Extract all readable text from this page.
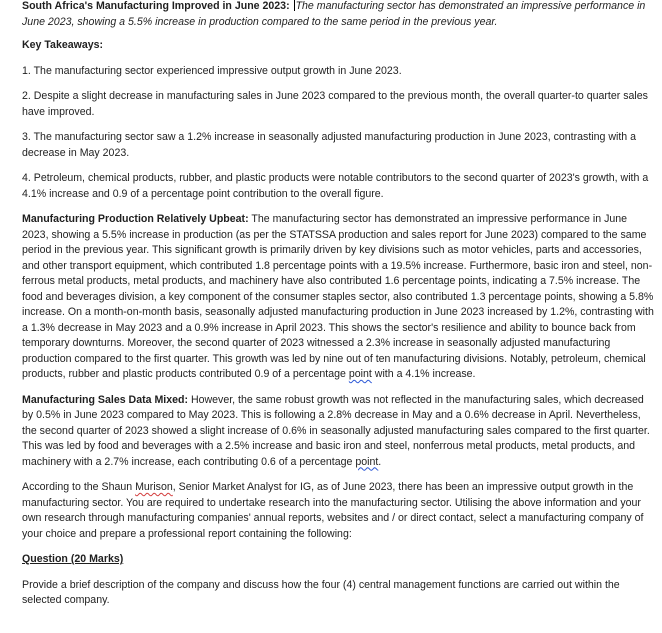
South Africa's Manufacturing Improved in June 2023: The manufacturing sector has demonstrated an impressive performance in June 2023, showing a 5.5% increase in production compared to the same period in the previous year.

Key Takeaways:

1. The manufacturing sector experienced impressive output growth in June 2023.

2. Despite a slight decrease in manufacturing sales in June 2023 compared to the previous month, the overall quarter-to quarter sales have improved.

3. The manufacturing sector saw a 1.2% increase in seasonally adjusted manufacturing production in June 2023, contrasting with a decrease in May 2023.

4. Petroleum, chemical products, rubber, and plastic products were notable contributors to the second quarter of 2023's growth, with a 4.1% increase and 0.9 of a percentage point contribution to the overall figure.

Manufacturing Production Relatively Upbeat: The manufacturing sector has demonstrated an impressive performance in June 2023, showing a 5.5% increase in production (as per the STATSSA production and sales report for June 2023) compared to the same period in the previous year. This significant growth is primarily driven by key divisions such as motor vehicles, parts and accessories, and other transport equipment, which contributed 1.8 percentage points with a 19.5% increase. Furthermore, basic iron and steel, non-ferrous metal products, metal products, and machinery have also contributed 1.6 percentage points, indicating a 7.5% increase. The food and beverages division, a key component of the consumer staples sector, also contributed 1.3 percentage points, showing a 5.8% increase. On a month-on-month basis, seasonally adjusted manufacturing production in June 2023 increased by 1.2%, contrasting with a 1.3% decrease in May 2023 and a 0.9% increase in April 2023. This shows the sector's resilience and ability to bounce back from temporary downturns. Moreover, the second quarter of 2023 witnessed a 2.3% increase in seasonally adjusted manufacturing production compared to the first quarter. This growth was led by nine out of ten manufacturing divisions. Notably, petroleum, chemical products, rubber and plastic products contributed 0.9 of a percentage point with a 4.1% increase.

Manufacturing Sales Data Mixed: However, the same robust growth was not reflected in the manufacturing sales, which decreased by 0.5% in June 2023 compared to May 2023. This is following a 2.8% decrease in May and a 0.6% decrease in April. Nevertheless, the second quarter of 2023 showed a slight increase of 0.6% in seasonally adjusted manufacturing sales compared to the first quarter. This was led by food and beverages with a 2.5% increase and basic iron and steel, nonferrous metal products, metal products, and machinery with a 2.7% increase, each contributing 0.6 of a percentage point.

According to the Shaun Murison, Senior Market Analyst for IG, as of June 2023, there has been an impressive output growth in the manufacturing sector. You are required to undertake research into the manufacturing sector. Utilising the above information and your own research through manufacturing companies' annual reports, websites and / or direct contact, select a manufacturing company of your choice and prepare a professional report containing the following:

Question (20 Marks)

Provide a brief description of the company and discuss how the four (4) central management functions are carried out within the selected company.
